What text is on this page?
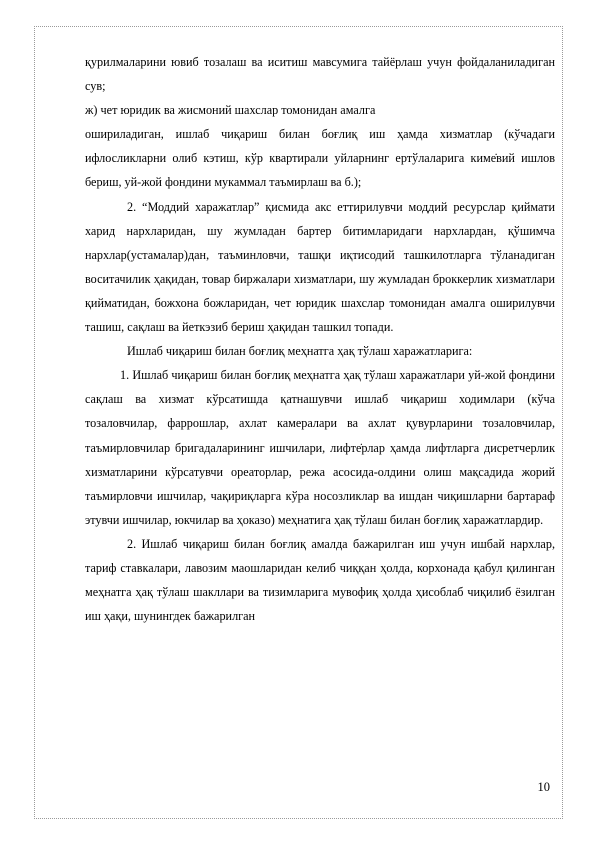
қурилмаларини ювиб тозалаш ва иситиш мавсумига тайёрлаш учун фойдаланиладиган сув;

ж) чет юридик ва жисмоний шахслар томонидан амалга

ошириладиган, ишлаб чиқариш билан боғлиқ иш ҳамда хизматлар (кўчадаги ифлосликларни олиб кэтиш, кўр квартирали уйларнинг ертўлаларига киме̇вий ишлов бериш, уй-жой фондини мукаммал таъмирлаш ва б.);

2. “Моддий харажатлар” қисмида акс еттирилувчи моддий ресурслар қиймати харид нархларидан, шу жумладан бартер битимларидаги нархлардан, қўшимча нархлар(устамалар)дан, таъминловчи, ташқи иқтисодий ташкилотларга тўланадиган воситачилик ҳақидан, товар биржалари хизматлари, шу жумладан броккерлик хизматлари қийматидан, божхона божларидан, чет юридик шахслар томонидан амалга оширилувчи ташиш, сақлаш ва йеткэзиб бериш ҳақидан ташкил топади.

Ишлаб чиқариш билан боғлиқ меҳнатга ҳақ тўлаш харажатларига:

1. Ишлаб чиқариш билан боғлиқ меҳнатга ҳақ тўлаш харажатлари уй-жой фондини сақлаш ва хизмат кўрсатишда қатнашувчи ишлаб чиқариш ходимлари (кўча тозаловчилар, фаррошлар, ахлат камералари ва ахлат қувурларини тозаловчилар, таъмирловчилар бригадаларининг ишчилари, лифте̇рлар ҳамда лифтларга дисретчерлик хизматларини кўрсатувчи ореаторлар, режа асосида-олдини олиш мақсадида жорий таъмирловчи ишчилар, чақириқларга кўра носозликлар ва ишдан чиқишларни бартараф этувчи ишчилар, юкчилар ва ҳоказо) меҳнатига ҳақ тўлаш билан боғлиқ харажатлардир.

2. Ишлаб чиқариш билан боғлиқ амалда бажарилган иш учун ишбай нархлар, тариф ставкалари, лавозим маошларидан келиб чиққан ҳолда, корхонада қабул қилинган меҳнатга ҳақ тўлаш шакллари ва тизимларига мувофиқ ҳолда ҳисоблаб чиқилиб ёзилган иш ҳақи, шунингдек бажарилган

10
